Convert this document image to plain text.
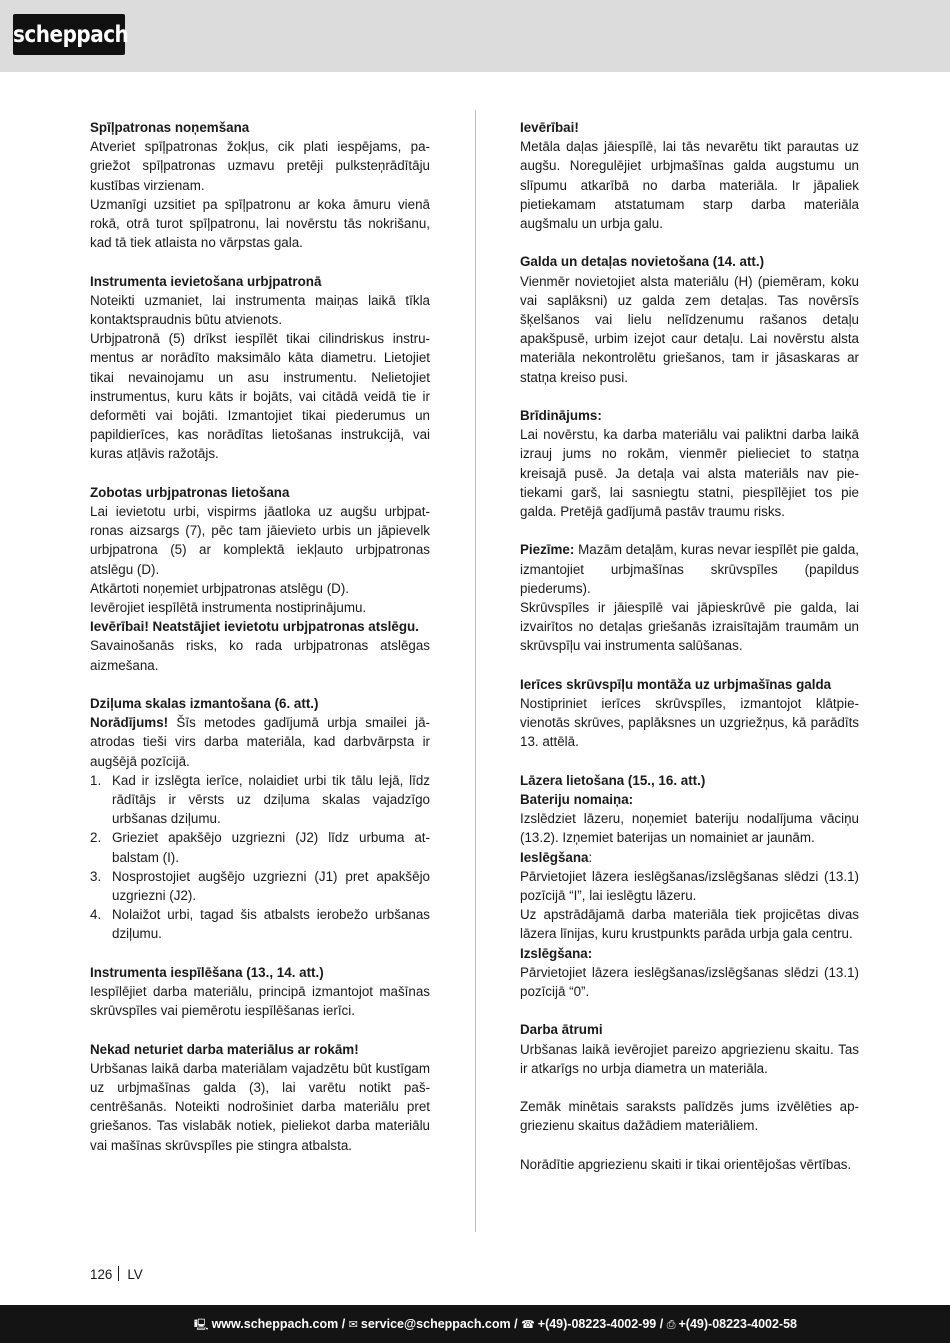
scheppach
Spīļpatronas noņemšana

Atveriet spīļpatronas žokļus, cik plati iespējams, pagriežot spīļpatronas uzmavu pretēji pulksteņrādītāju kustības virzienam.

Uzmanīgi uzsitiet pa spīļpatronu ar koka āmuru vienā rokā, otrā turot spīļpatronu, lai novērstu tās nokrišanu, kad tā tiek atlaista no vārpstas gala.

Instrumenta ievietošana urbjpatronā

Noteikti uzmaniet, lai instrumenta maiņas laikā tīkla kontaktspraudnis būtu atvienots.

Urbjpatronā (5) drīkst iespīlēt tikai cilindriskus instrumentus ar norādīto maksimālo kāta diametru. Lietojiet tikai nevainojamu un asu instrumentu. Nelietojiet instrumentus, kuru kāts ir bojāts, vai citādā veidā tie ir deformēti vai bojāti. Izmantojiet tikai piederumus un papildierīces, kas norādītas lietošanas instrukcijā, vai kuras atļāvis ražotājs.

Zobotas urbjpatronas lietošana

Lai ievietotu urbi, vispirms jāatloka uz augšu urbjpatronas aizsargs (7), pēc tam jāievieto urbis un jāpievelk urbjpatrona (5) ar komplektā iekļauto urbjpatronas atslēgu (D).

Atkārtoti noņemiet urbjpatronas atslēgu (D).

Ievērojiet iespīlētā instrumenta nostiprinājumu.

Ievērībai! Neatstājiet ievietotu urbjpatronas atslēgu.

Savainošanās risks, ko rada urbjpatronas atslēgas aizmešana.

Dziļuma skalas izmantošana (6. att.)

Norādījums! Šīs metodes gadījumā urbja smailei jāatrodas tieši virs darba materiāla, kad darbvārpsta ir augšējā pozīcijā.

1. Kad ir izslēgta ierīce, nolaidiet urbi tik tālu lejā, līdz rādītājs ir vērsts uz dziļuma skalas vajadzīgo urbšanas dziļumu.
2. Grieziet apakšējo uzgriezni (J2) līdz urbuma atbalstam (I).
3. Nosprostojiet augšējo uzgriezni (J1) pret apakšējo uzgriezni (J2).
4. Nolaižot urbi, tagad šis atbalsts ierobežo urbšanas dziļumu.
Instrumenta iespīlēšana (13., 14. att.)

Iespīlējiet darba materiālu, principā izmantojot mašīnas skrūvspīles vai piemērotu iespīlēšanas ierīci.

Nekad neturiet darba materiālus ar rokām!

Urbšanas laikā darba materiālam vajadzētu būt kustīgam uz urbjmašīnas galda (3), lai varētu notikt pašcentrēšanās. Noteikti nodrošiniet darba materiālu pret griešanos. Tas vislabāk notiek, pieliekot darba materiālu vai mašīnas skrūvspīles pie stingra atbalsta.

Ievērībai!

Metāla daļas jāiespīlē, lai tās nevarētu tikt parautas uz augšu. Noregulējiet urbjmašīnas galda augstumu un slīpumu atkarībā no darba materiāla. Ir jāpaliek pietiekamam atstatumam starp darba materiāla augšmalu un urbja galu.

Galda un detaļas novietošana (14. att.)

Vienmēr novietojiet alsta materiālu (H) (piemēram, koku vai saplāksni) uz galda zem detaļas. Tas novērsīs šķelšanos vai lielu nelīdzenumu rašanos detaļu apakšpusē, urbim izejot caur detaļu. Lai novērstu alsta materiāla nekontrolētu griešanos, tam ir jāsaskaras ar statņa kreiso pusi.

Brīdinājums:

Lai novērstu, ka darba materiālu vai paliktni darba laikā izrauj jums no rokām, vienmēr pielieciet to statņa kreisajā pusē. Ja detaļa vai alsta materiāls nav pietiekami garš, lai sasniegtu statni, piespīlējiet tos pie galda. Pretējā gadījumā pastāv traumu risks.

Piezīme: Mazām detaļām, kuras nevar iespīlēt pie galda, izmantojiet urbjmašīnas skrūvspīles (papildus piederums).

Skrūvspīles ir jāiespīlē vai jāpieskrūvē pie galda, lai izvairītos no detaļas griešanās izraisītajām traumām un skrūvspīļu vai instrumenta salūšanas.

Ierīces skrūvspīļu montāža uz urbjmašīnas galda

Nostipriniet ierīces skrūvspīles, izmantojot klātpievienotās skrūves, paplāksnes un uzgriežņus, kā parādīts 13. attēlā.

Lāzera lietošana (15., 16. att.)
Bateriju nomaiņa:

Izslēdziet lāzeru, noņemiet bateriju nodalījuma vāciņu (13.2). Izņemiet baterijas un nomainiet ar jaunām.

Ieslēgšana:

Pārvietojiet lāzera ieslēgšanas/izslēgšanas slēdzi (13.1) pozīcijā “I”, lai ieslēgtu lāzeru.

Uz apstrādājamā darba materiāla tiek projicētas divas lāzera līnijas, kuru krustpunkts parāda urbja gala centru.

Izslēgšana:

Pārvietojiet lāzera ieslēgšanas/izslēgšanas slēdzi (13.1) pozīcijā “0”.

Darba ātrumi

Urbšanas laikā ievērojiet pareizo apgriezienu skaitu. Tas ir atkarīgs no urbja diametra un materiāla.

Zemāk minētais saraksts palīdzēs jums izvēlēties apgriezienu skaitus dažādiem materiāliem.

Norādītie apgriezienu skaiti ir tikai orientējošas vērtības.

126 LV
🖳 www.scheppach.com / ✉ service@scheppach.com / ☎ +(49)-08223-4002-99 / ⎙ +(49)-08223-4002-58
